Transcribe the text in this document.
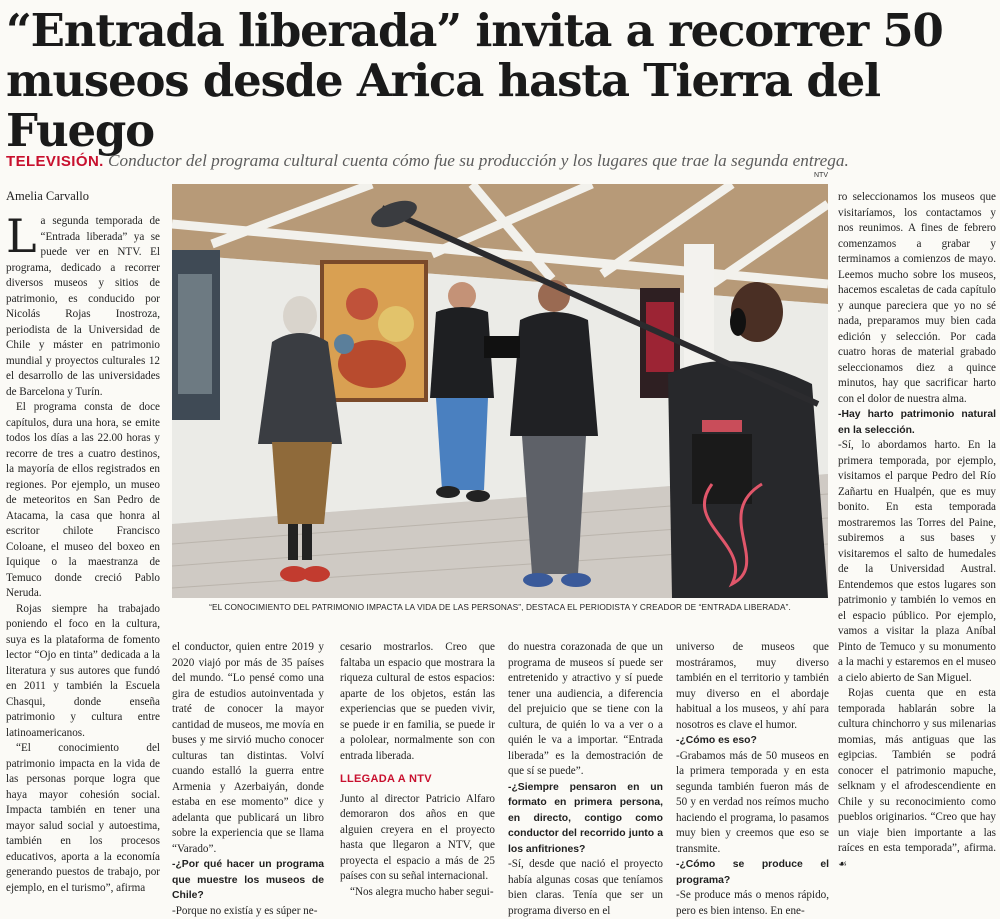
“Entrada liberada” invita a recorrer 50 museos desde Arica hasta Tierra del Fuego
TELEVISIÓN. Conductor del programa cultural cuenta cómo fue su producción y los lugares que trae la segunda entrega.
Amelia Carvallo
NTV

La segunda temporada de “Entrada liberada” ya se puede ver en NTV. El programa, dedicado a recorrer diversos museos y sitios de patrimonio, es conducido por Nicolás Rojas Inostroza, periodista de la Universidad de Chile y máster en patrimonio mundial y proyectos culturales 12 el desarrollo de las universidades de Barcelona y Turín.

El programa consta de doce capítulos, dura una hora, se emite todos los días a las 22.00 horas y recorre de tres a cuatro destinos, la mayoría de ellos registrados en regiones. Por ejemplo, un museo de meteoritos en San Pedro de Atacama, la casa que honra al escritor chilote Francisco Coloane, el museo del boxeo en Iquique o la maestranza de Temuco donde creció Pablo Neruda.

Rojas siempre ha trabajado poniendo el foco en la cultura, suya es la plataforma de fomento lector “Ojo en tinta” dedicada a la literatura y sus autores que fundó en 2011 y también la Escuela Chasqui, donde enseña patrimonio y cultura entre latinoamericanos.

“El conocimiento del patrimonio impacta en la vida de las personas porque logra que haya mayor cohesión social. Impacta también en tener una mayor salud social y autoestima, también en los procesos educativos, aporta a la economía generando puestos de trabajo, por ejemplo, en el turismo”, afirma

“EL CONOCIMIENTO DEL PATRIMONIO IMPACTA LA VIDA DE LAS PERSONAS”, DESTACA EL PERIODISTA Y CREADOR DE “ENTRADA LIBERADA”.

ro seleccionamos los museos que visitaríamos, los contactamos y nos reunimos. A fines de febrero comenzamos a grabar y terminamos a comienzos de mayo. Leemos mucho sobre los museos, hacemos escaletas de cada capítulo y aunque pareciera que yo no sé nada, preparamos muy bien cada edición y selección. Por cada cuatro horas de material grabado seleccionamos diez a quince minutos, hay que sacrificar harto con el dolor de nuestra alma.

-Hay harto patrimonio natural en la selección.

-Sí, lo abordamos harto. En la primera temporada, por ejemplo, visitamos el parque Pedro del Río Zañartu en Hualpén, que es muy bonito. En esta temporada mostraremos las Torres del Paine, subiremos a sus bases y visitaremos el salto de humedales de la Universidad Austral. Entendemos que estos lugares son patrimonio y también lo vemos en el espacio público. Por ejemplo, vamos a visitar la plaza Aníbal Pinto de Temuco y su monumento a la machi y estaremos en el museo a cielo abierto de San Miguel.

Rojas cuenta que en esta temporada hablarán sobre la cultura chinchorro y sus milenarias momias, más antiguas que las egipcias. También se podrá conocer el patrimonio mapuche, selknam y el afrodescendiente en Chile y su reconocimiento como pueblos originarios. “Creo que hay un viaje bien importante a las raíces en esta temporada”, afirma. ☙

el conductor, quien entre 2019 y 2020 viajó por más de 35 países del mundo. “Lo pensé como una gira de estudios autoinventada y traté de conocer la mayor cantidad de museos, me movía en buses y me sirvió mucho conocer culturas tan distintas. Volví cuando estalló la guerra entre Armenia y Azerbaiyán, donde estaba en ese momento” dice y adelanta que publicará un libro sobre la experiencia que se llama “Varado”.

-¿Por qué hacer un programa que muestre los museos de Chile?

-Porque no existía y es súper ne-

cesario mostrarlos. Creo que faltaba un espacio que mostrara la riqueza cultural de estos espacios: aparte de los objetos, están las experiencias que se pueden vivir, se puede ir en familia, se puede ir a pololear, normalmente son con entrada liberada.

LLEGADA A NTV

Junto al director Patricio Alfaro demoraron dos años en que alguien creyera en el proyecto hasta que llegaron a NTV, que proyecta el espacio a más de 25 países con su señal internacional.

“Nos alegra mucho haber segui-

do nuestra corazonada de que un programa de museos sí puede ser entretenido y atractivo y sí puede tener una audiencia, a diferencia del prejuicio que se tiene con la cultura, de quién lo va a ver o a quién le va a importar. “Entrada liberada” es la demostración de que sí se puede”.

-¿Siempre pensaron en un formato en primera persona, en directo, contigo como conductor del recorrido junto a los anfitriones?

-Sí, desde que nació el proyecto había algunas cosas que teníamos bien claras. Tenía que ser un programa diverso en el

universo de museos que mostráramos, muy diverso también en el territorio y también muy diverso en el abordaje habitual a los museos, y ahí para nosotros es clave el humor.

-¿Cómo es eso?

-Grabamos más de 50 museos en la primera temporada y en esta segunda también fueron más de 50 y en verdad nos reímos mucho haciendo el programa, lo pasamos muy bien y creemos que eso se transmite.

-¿Cómo se produce el programa?

-Se produce más o menos rápido, pero es bien intenso. En ene-
